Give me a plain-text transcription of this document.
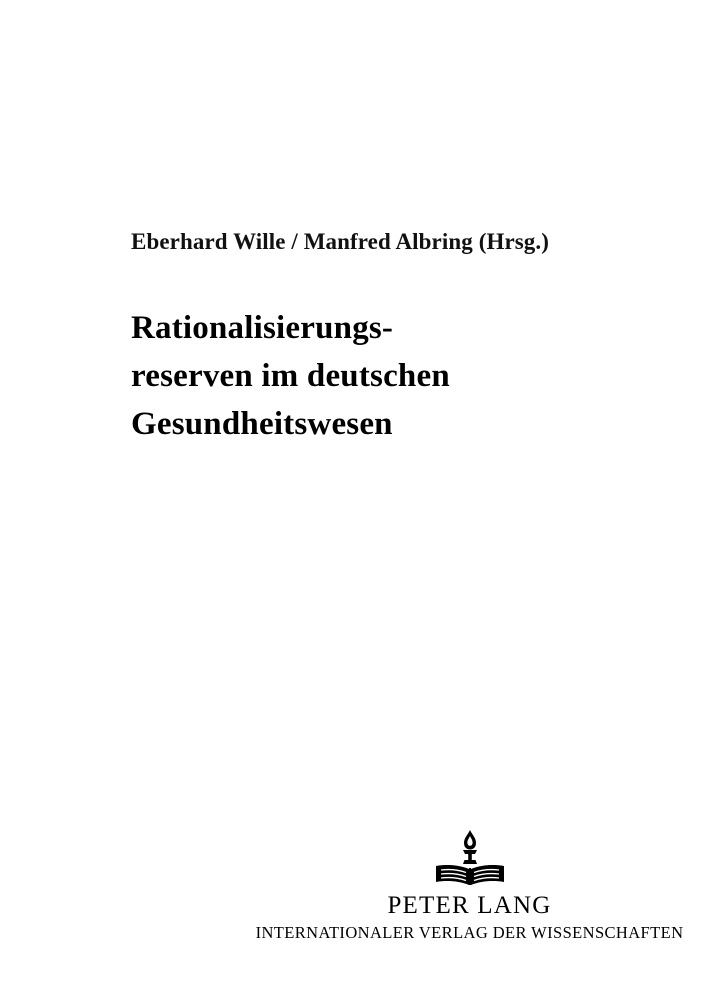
Eberhard Wille / Manfred Albring (Hrsg.)
Rationalisierungs-
reserven im deutschen
Gesundheitswesen
PETER LANG
INTERNATIONALER VERLAG DER WISSENSCHAFTEN
